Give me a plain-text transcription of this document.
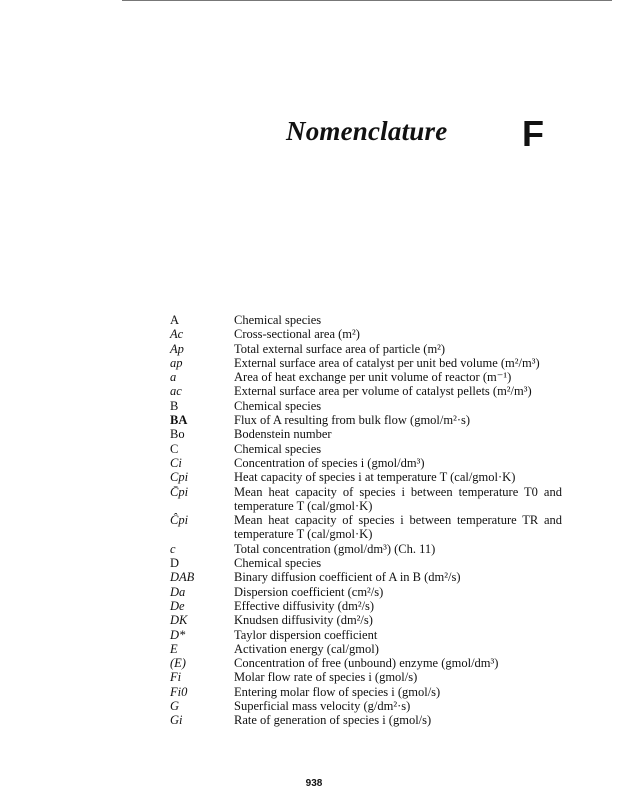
Nomenclature F
A	Chemical species
Ac	Cross-sectional area (m²)
Ap	Total external surface area of particle (m²)
ap	External surface area of catalyst per unit bed volume (m²/m³)
a	Area of heat exchange per unit volume of reactor (m⁻¹)
ac	External surface area per volume of catalyst pellets (m²/m³)
B	Chemical species
BA	Flux of A resulting from bulk flow (gmol/m²·s)
Bo	Bodenstein number
C	Chemical species
Ci	Concentration of species i (gmol/dm³)
Cpi	Heat capacity of species i at temperature T (cal/gmol·K)
C̄pi	Mean heat capacity of species i between temperature T0 and temperature T (cal/gmol·K)
Ĉpi	Mean heat capacity of species i between temperature TR and temperature T (cal/gmol·K)
c	Total concentration (gmol/dm³) (Ch. 11)
D	Chemical species
DAB	Binary diffusion coefficient of A in B (dm²/s)
Da	Dispersion coefficient (cm²/s)
De	Effective diffusivity (dm²/s)
DK	Knudsen diffusivity (dm²/s)
D*	Taylor dispersion coefficient
E	Activation energy (cal/gmol)
(E)	Concentration of free (unbound) enzyme (gmol/dm³)
Fi	Molar flow rate of species i (gmol/s)
Fi0	Entering molar flow of species i (gmol/s)
G	Superficial mass velocity (g/dm²·s)
Gi	Rate of generation of species i (gmol/s)
938
